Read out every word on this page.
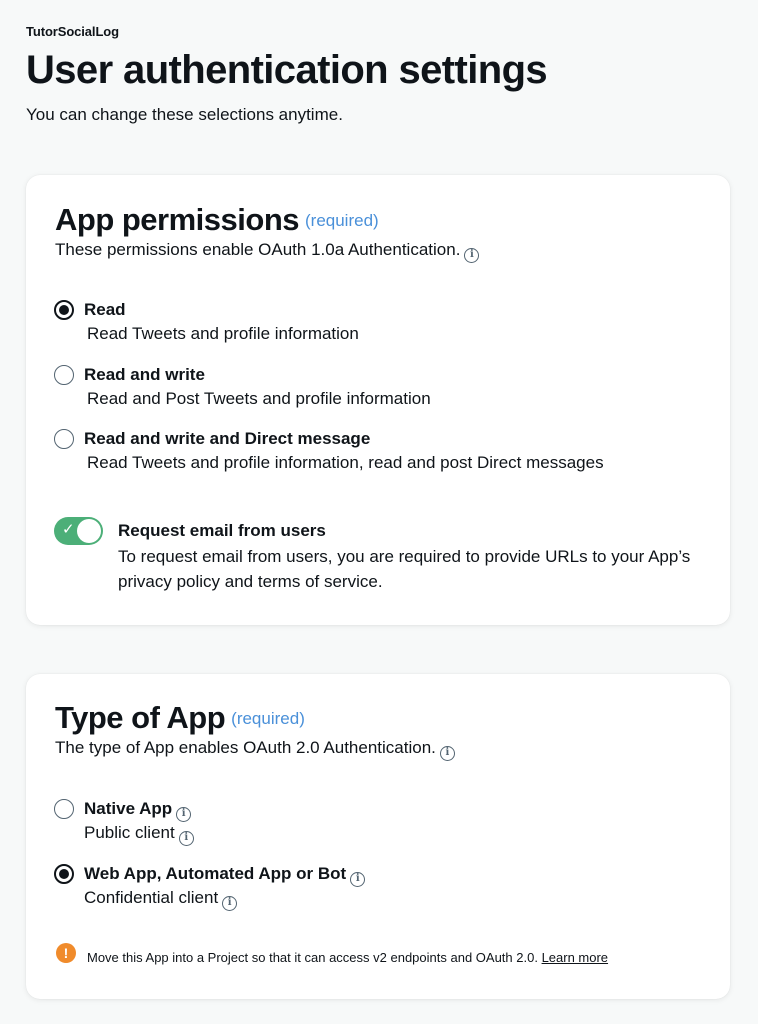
TutorSocialLog
User authentication settings
You can change these selections anytime.
App permissions (required)
These permissions enable OAuth 1.0a Authentication. i
Read
Read Tweets and profile information
Read and write
Read and Post Tweets and profile information
Read and write and Direct message
Read Tweets and profile information, read and post Direct messages
✓	Request email from users
To request email from users, you are required to provide URLs to your App’s privacy policy and terms of service.
Type of App (required)
The type of App enables OAuth 2.0 Authentication. i
Native App i
Public client i
Web App, Automated App or Bot i
Confidential client i
!	Move this App into a Project so that it can access v2 endpoints and OAuth 2.0. Learn more
